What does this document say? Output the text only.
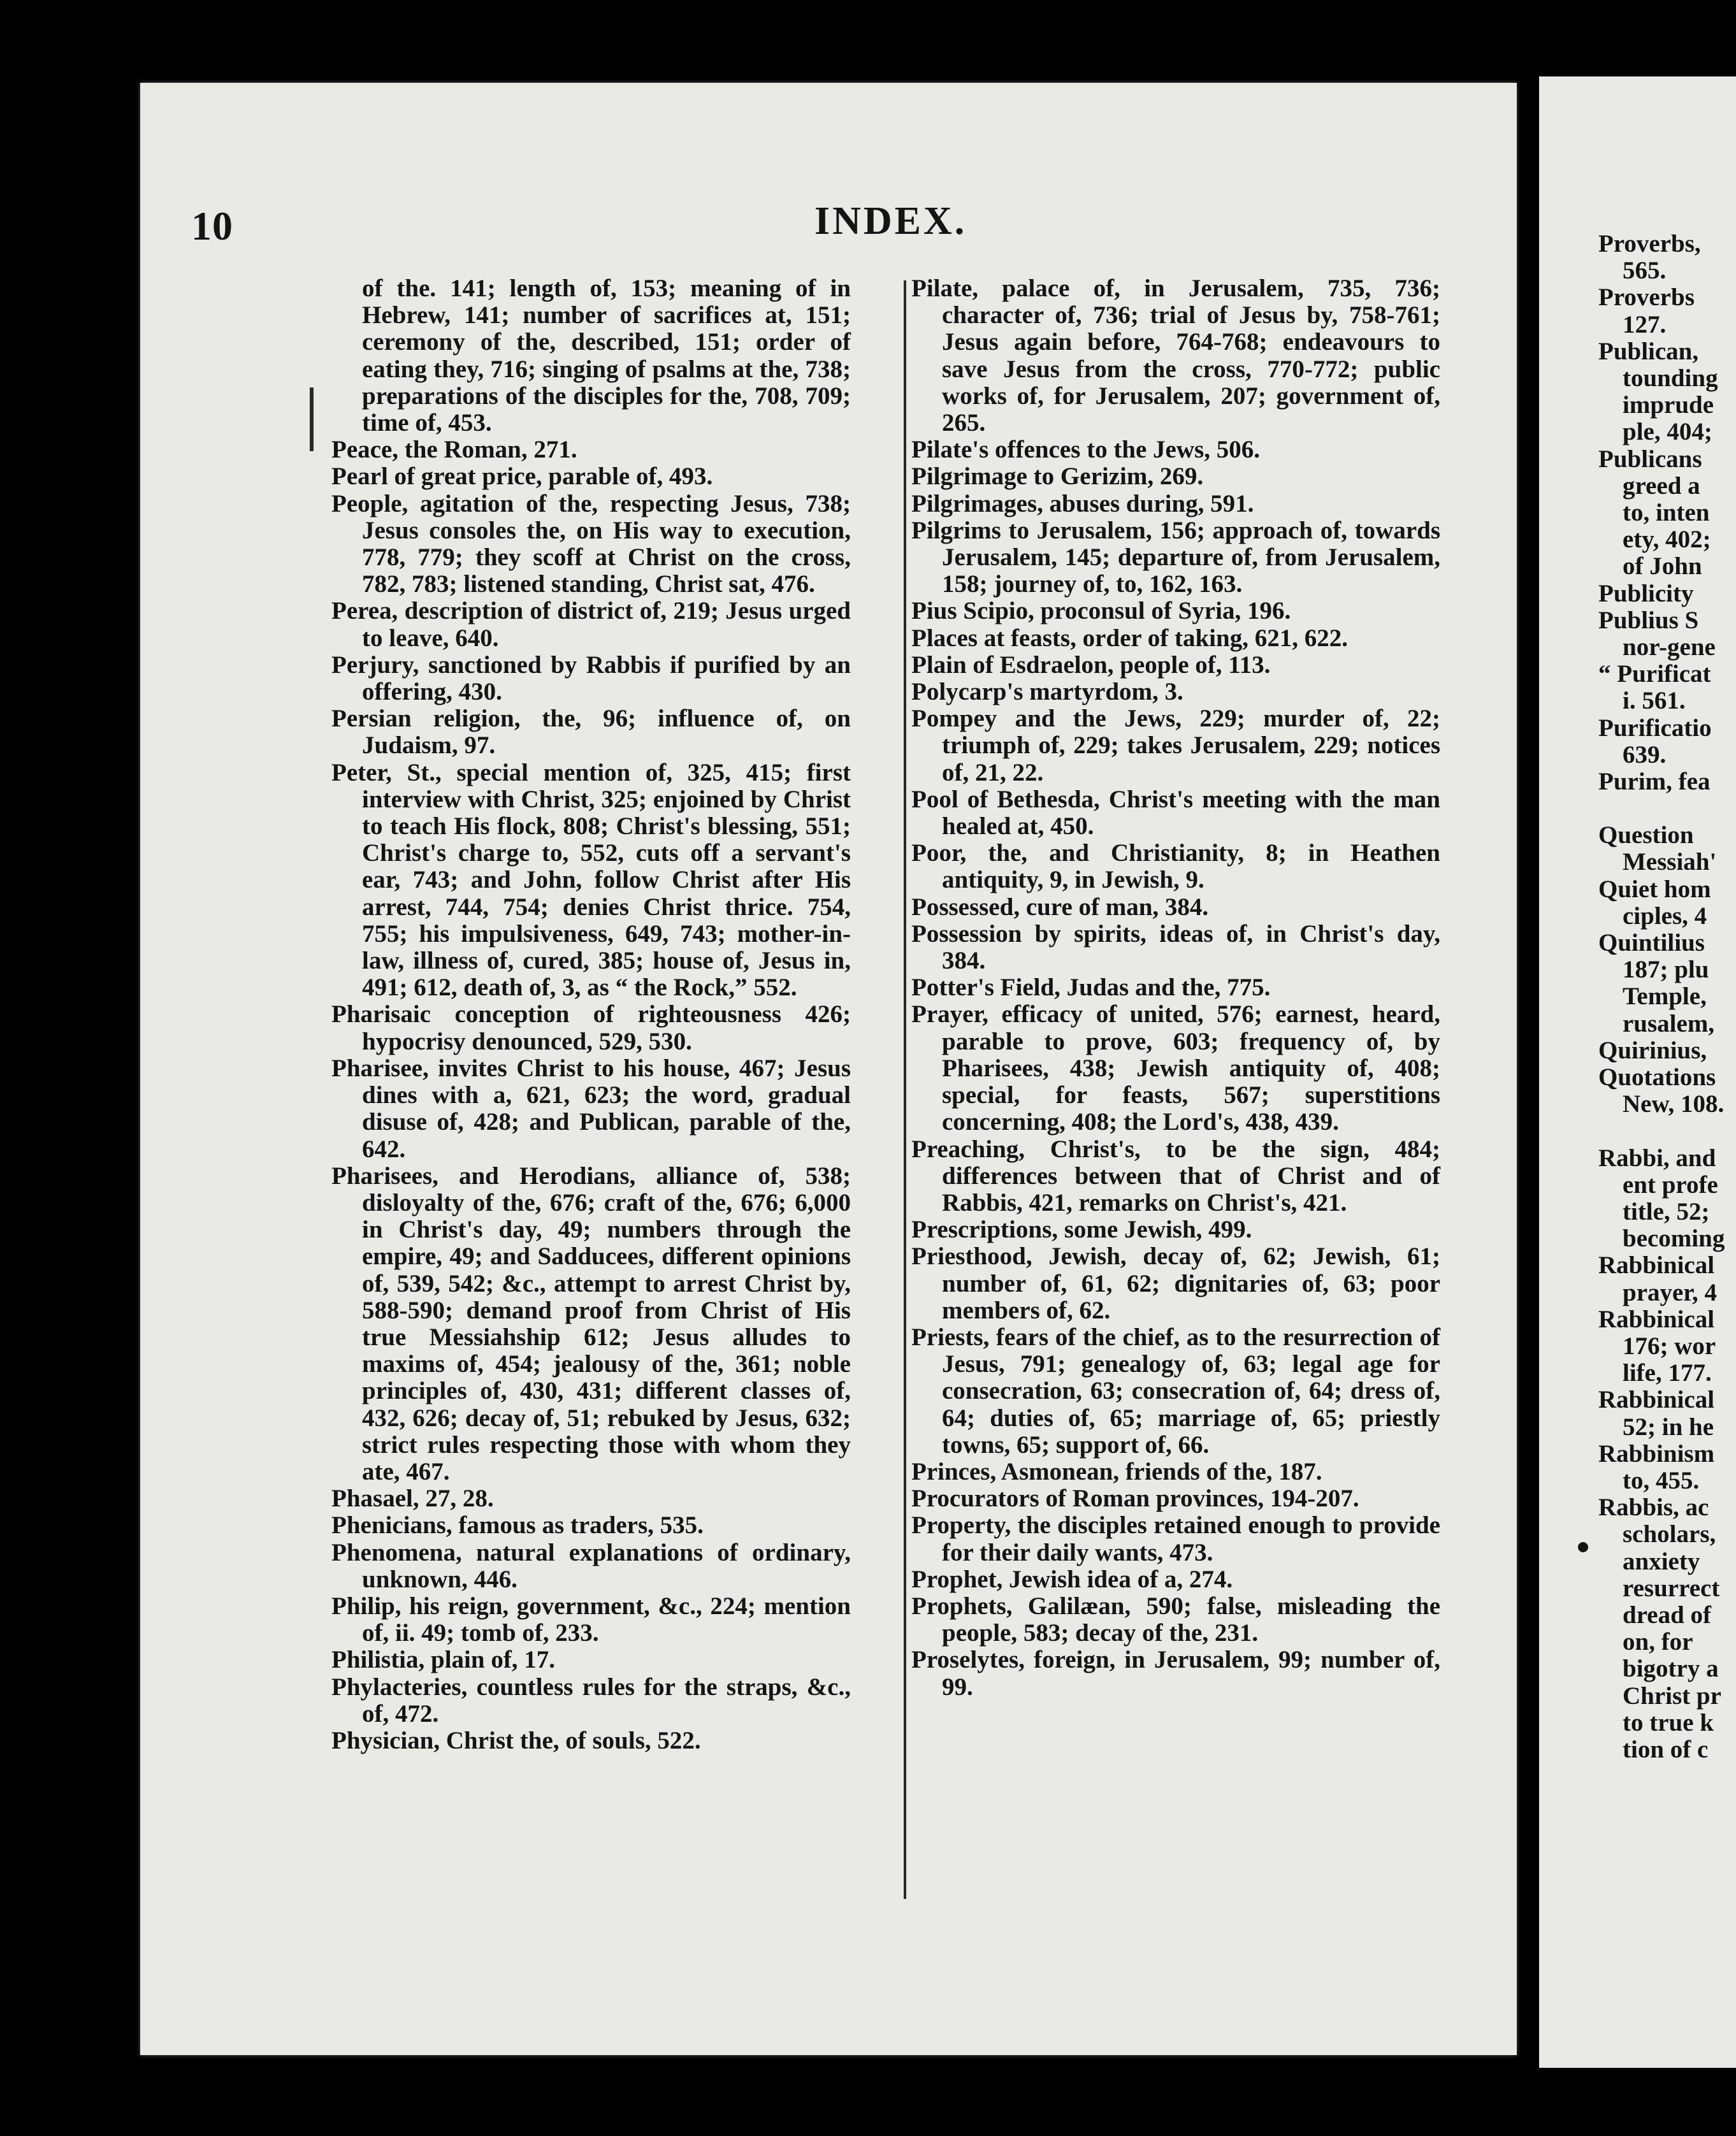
10	INDEX.

of the. 141; length of, 153; meaning of in Hebrew, 141; number of sacrifices at, 151; ceremony of the, described, 151; order of eating they, 716; singing of psalms at the, 738; preparations of the disciples for the, 708, 709; time of, 453.

Peace, the Roman, 271.

Pearl of great price, parable of, 493.

People, agitation of the, respecting Jesus, 738; Jesus consoles the, on His way to execution, 778, 779; they scoff at Christ on the cross, 782, 783; listened standing, Christ sat, 476.

Perea, description of district of, 219; Jesus urged to leave, 640.

Perjury, sanctioned by Rabbis if purified by an offering, 430.

Persian religion, the, 96; influence of, on Judaism, 97.

Peter, St., special mention of, 325, 415; first interview with Christ, 325; enjoined by Christ to teach His flock, 808; Christ's blessing, 551; Christ's charge to, 552, cuts off a servant's ear, 743; and John, follow Christ after His arrest, 744, 754; denies Christ thrice. 754, 755; his impulsiveness, 649, 743; mother-in-law, illness of, cured, 385; house of, Jesus in, 491; 612, death of, 3, as “ the Rock,” 552.

Pharisaic conception of righteousness 426; hypocrisy denounced, 529, 530.

Pharisee, invites Christ to his house, 467; Jesus dines with a, 621, 623; the word, gradual disuse of, 428; and Publican, parable of the, 642.

Pharisees, and Herodians, alliance of, 538; disloyalty of the, 676; craft of the, 676; 6,000 in Christ's day, 49; numbers through the empire, 49; and Sadducees, different opinions of, 539, 542; &c., attempt to arrest Christ by, 588-590; demand proof from Christ of His true Messiahship 612; Jesus alludes to maxims of, 454; jealousy of the, 361; noble principles of, 430, 431; different classes of, 432, 626; decay of, 51; rebuked by Jesus, 632; strict rules respecting those with whom they ate, 467.

Phasael, 27, 28.

Phenicians, famous as traders, 535.

Phenomena, natural explanations of ordinary, unknown, 446.

Philip, his reign, government, &c., 224; mention of, ii. 49; tomb of, 233.

Philistia, plain of, 17.

Phylacteries, countless rules for the straps, &c., of, 472.

Physician, Christ the, of souls, 522.

Pilate, palace of, in Jerusalem, 735, 736; character of, 736; trial of Jesus by, 758-761; Jesus again before, 764-768; endeavours to save Jesus from the cross, 770-772; public works of, for Jerusalem, 207; government of, 265.

Pilate's offences to the Jews, 506.

Pilgrimage to Gerizim, 269.

Pilgrimages, abuses during, 591.

Pilgrims to Jerusalem, 156; approach of, towards Jerusalem, 145; departure of, from Jerusalem, 158; journey of, to, 162, 163.

Pius Scipio, proconsul of Syria, 196.

Places at feasts, order of taking, 621, 622.

Plain of Esdraelon, people of, 113.

Polycarp's martyrdom, 3.

Pompey and the Jews, 229; murder of, 22; triumph of, 229; takes Jerusalem, 229; notices of, 21, 22.

Pool of Bethesda, Christ's meeting with the man healed at, 450.

Poor, the, and Christianity, 8; in Heathen antiquity, 9, in Jewish, 9.

Possessed, cure of man, 384.

Possession by spirits, ideas of, in Christ's day, 384.

Potter's Field, Judas and the, 775.

Prayer, efficacy of united, 576; earnest, heard, parable to prove, 603; frequency of, by Pharisees, 438; Jewish antiquity of, 408; special, for feasts, 567; superstitions concerning, 408; the Lord's, 438, 439.

Preaching, Christ's, to be the sign, 484; differences between that of Christ and of Rabbis, 421, remarks on Christ's, 421.

Prescriptions, some Jewish, 499.

Priesthood, Jewish, decay of, 62; Jewish, 61; number of, 61, 62; dignitaries of, 63; poor members of, 62.

Priests, fears of the chief, as to the resurrection of Jesus, 791; genealogy of, 63; legal age for consecration, 63; consecration of, 64; dress of, 64; duties of, 65; marriage of, 65; priestly towns, 65; support of, 66.

Princes, Asmonean, friends of the, 187.

Procurators of Roman provinces, 194-207.

Property, the disciples retained enough to provide for their daily wants, 473.

Prophet, Jewish idea of a, 274.

Prophets, Galilæan, 590; false, misleading the people, 583; decay of the, 231.

Proselytes, foreign, in Jerusalem, 99; number of, 99.

Proverbs,

565.

Proverbs

127.

Publican,

tounding

imprude

ple, 404;

Publicans

greed a

to, inten

ety, 402;

of John

Publicity

Publius S

nor-gene

“ Purificat

i. 561.

Purificatio

639.

Purim, fea

Question

Messiah'

Quiet hom

ciples, 4

Quintilius

187; plu

Temple,

rusalem,

Quirinius,

Quotations

New, 108.

Rabbi, and

ent profe

title, 52;

becoming

Rabbinical

prayer, 4

Rabbinical

176; wor

life, 177.

Rabbinical

52; in he

Rabbinism

to, 455.

Rabbis, ac

scholars,

anxiety

resurrect

dread of

on, for

bigotry a

Christ pr

to true k

tion of c
